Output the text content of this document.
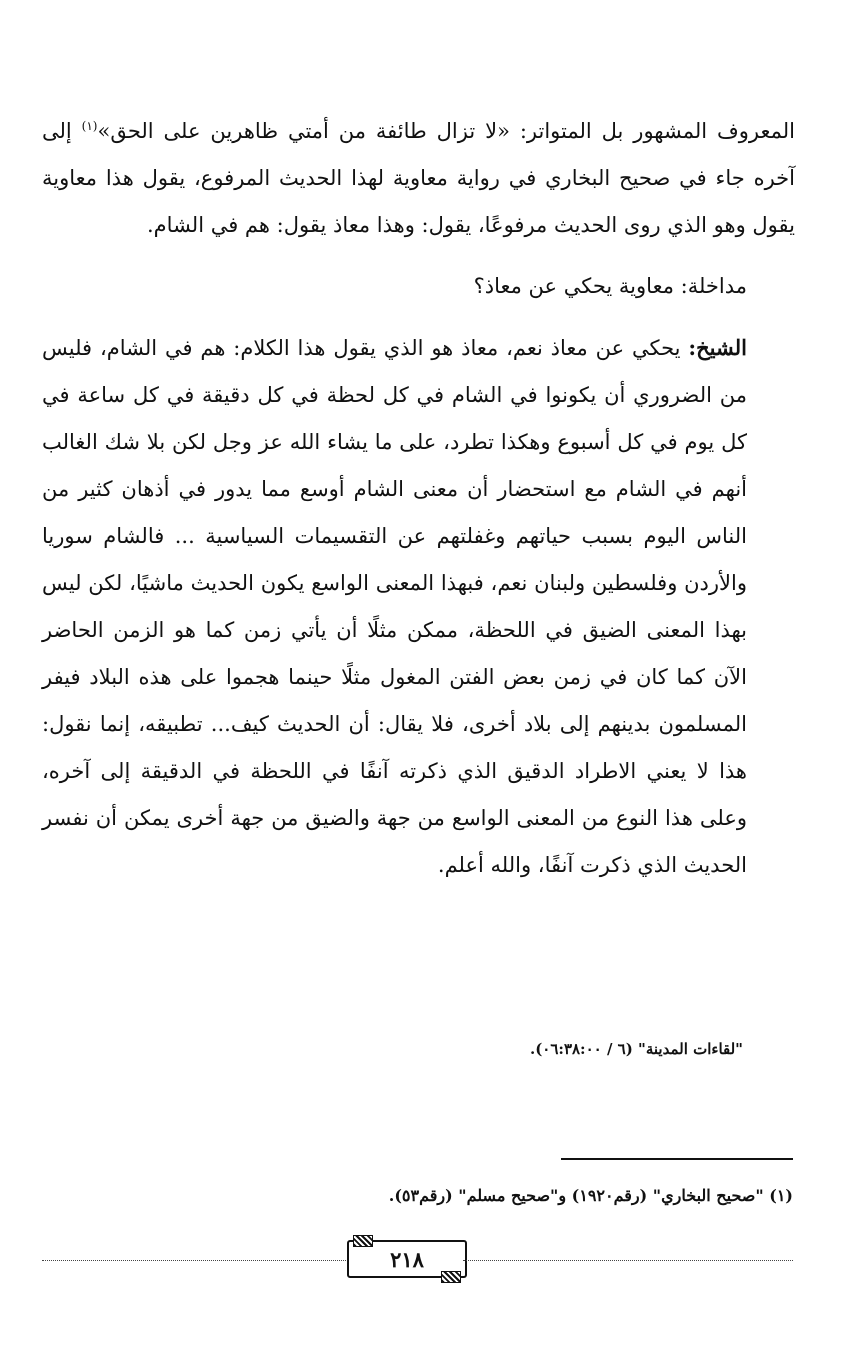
المعروف المشهور بل المتواتر: «لا تزال طائفة من أمتي ظاهرين على الحق»$^{(١)}$ إلى آخره جاء في صحيح البخاري في رواية معاوية لهذا الحديث المرفوع، يقول هذا معاوية يقول وهو الذي روى الحديث مرفوعًا، يقول: وهذا معاذ يقول: هم في الشام.

مداخلة: معاوية يحكي عن معاذ؟

الشيخ: يحكي عن معاذ نعم، معاذ هو الذي يقول هذا الكلام: هم في الشام، فليس من الضروري أن يكونوا في الشام في كل لحظة في كل دقيقة في كل ساعة في كل يوم في كل أسبوع وهكذا تطرد، على ما يشاء الله عز وجل لكن بلا شك الغالب أنهم في الشام مع استحضار أن معنى الشام أوسع مما يدور في أذهان كثير من الناس اليوم بسبب حياتهم وغفلتهم عن التقسيمات السياسية ... فالشام سوريا والأردن وفلسطين ولبنان نعم، فبهذا المعنى الواسع يكون الحديث ماشيًا، لكن ليس بهذا المعنى الضيق في اللحظة، ممكن مثلًا أن يأتي زمن كما هو الزمن الحاضر الآن كما كان في زمن بعض الفتن المغول مثلًا حينما هجموا على هذه البلاد فيفر المسلمون بدينهم إلى بلاد أخرى، فلا يقال: أن الحديث كيف... تطبيقه، إنما نقول: هذا لا يعني الاطراد الدقيق الذي ذكرته آنفًا في اللحظة في الدقيقة إلى آخره، وعلى هذا النوع من المعنى الواسع من جهة والضيق من جهة أخرى يمكن أن نفسر الحديث الذي ذكرت آنفًا، والله أعلم.

"لقاءات المدينة" (٦ / ٠٦:٣٨:٠٠).
(١) "صحيح البخاري" (رقم١٩٢٠) و"صحيح مسلم" (رقم٥٣).
٢١٨
